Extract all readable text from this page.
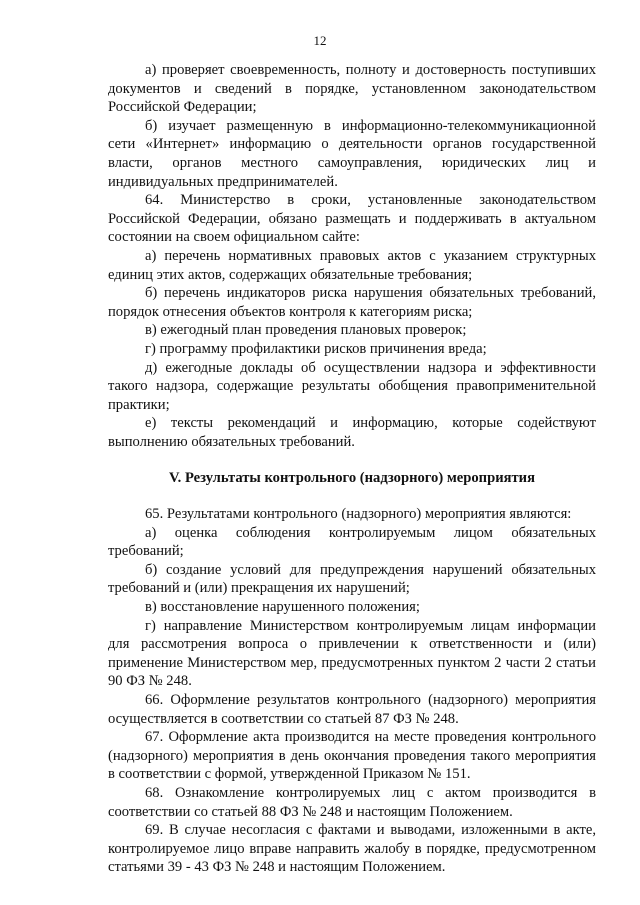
12

а) проверяет своевременность, полноту и достоверность поступивших документов и сведений в порядке, установленном законодательством Российской Федерации;

б) изучает размещенную в информационно-телекоммуникационной сети «Интернет» информацию о деятельности органов государственной власти, органов местного самоуправления, юридических лиц и индивидуальных предпринимателей.

64. Министерство в сроки, установленные законодательством Российской Федерации, обязано размещать и поддерживать в актуальном состоянии на своем официальном сайте:

а) перечень нормативных правовых актов с указанием структурных единиц этих актов, содержащих обязательные требования;

б) перечень индикаторов риска нарушения обязательных требований, порядок отнесения объектов контроля к категориям риска;

в) ежегодный план проведения плановых проверок;

г) программу профилактики рисков причинения вреда;

д) ежегодные доклады об осуществлении надзора и эффективности такого надзора, содержащие результаты обобщения правоприменительной практики;

е) тексты рекомендаций и информацию, которые содействуют выполнению обязательных требований.

V. Результаты контрольного (надзорного) мероприятия

65. Результатами контрольного (надзорного) мероприятия являются:

а) оценка соблюдения контролируемым лицом обязательных требований;

б) создание условий для предупреждения нарушений обязательных требований и (или) прекращения их нарушений;

в) восстановление нарушенного положения;

г) направление Министерством контролируемым лицам информации для рассмотрения вопроса о привлечении к ответственности и (или) применение Министерством мер, предусмотренных пунктом 2 части 2 статьи 90 ФЗ № 248.

66. Оформление результатов контрольного (надзорного) мероприятия осуществляется в соответствии со статьей 87 ФЗ № 248.

67. Оформление акта производится на месте проведения контрольного (надзорного) мероприятия в день окончания проведения такого мероприятия в соответствии с формой, утвержденной Приказом № 151.

68. Ознакомление контролируемых лиц с актом производится в соответствии со статьей 88 ФЗ № 248 и настоящим Положением.

69. В случае несогласия с фактами и выводами, изложенными в акте, контролируемое лицо вправе направить жалобу в порядке, предусмотренном статьями 39 - 43 ФЗ № 248 и настоящим Положением.
